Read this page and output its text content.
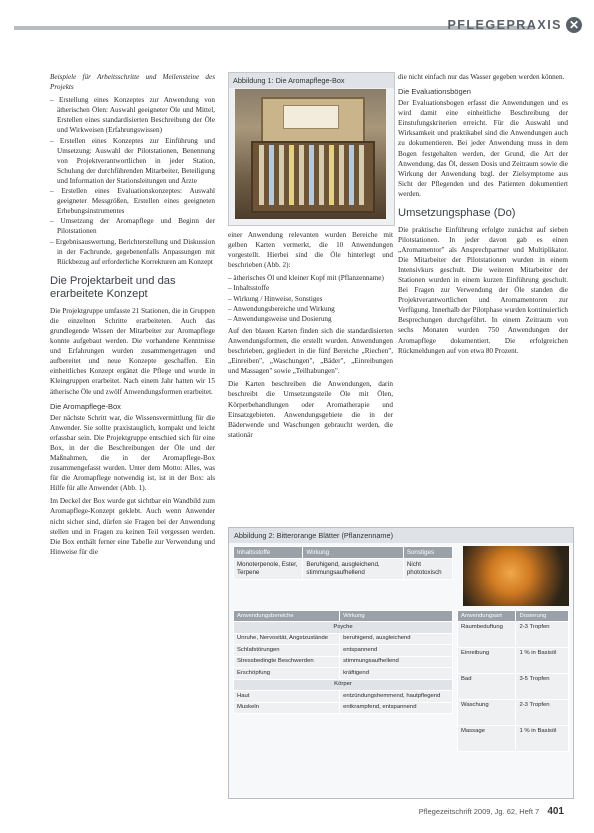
PFLEGEPRAXIS ✕

Beispiele für Arbeitsschritte und Meilensteine des Projekts

– Erstellung eines Konzeptes zur Anwendung von ätherischen Ölen: Auswahl geeigneter Öle und Mittel, Erstellen eines standardisierten Beschreibung der Öle und Wirkweisen (Erfahrungswissen)
– Erstellen eines Konzeptes zur Einführung und Umsetzung: Auswahl der Pilotstationen, Benennung von Projektverantwortlichen in jeder Station, Schulung der durchführenden Mitarbeiter, Beteiligung und Information der Stationsleitungen und Ärzte
– Erstellen eines Evaluationskonzeptes: Auswahl geeigneter Messgrößen, Erstellen eines geeigneten Erhebungsinstrumentes
– Umsetzung der Aromapflege und Beginn der Pilotstationen
– Ergebnisauswertung, Berichterstellung und Diskussion in der Fachrunde, gegebenenfalls Anpassungen mit Rückbezug auf erforderliche Korrekturen am Konzept
Die Projektarbeit und das erarbeitete Konzept

Die Projektgruppe umfasste 21 Stationen, die in Gruppen die einzelnen Schritte erarbeiteten. Auch das grundlegende Wissen der Mitarbeiter zur Aromapflege konnte aufgebaut werden. Die vorhandene Kenntnisse und Erfahrungen wurden zusammengetragen und aufbereitet und neue Konzepte geschaffen. Ein einheitliches Konzept ergänzt die Pflege und wurde in Kleingruppen erarbeitet. Nach einem Jahr hatten wir 15 ätherische Öle und zwölf Anwendungsformen erarbeitet.

Die Aromapflege-Box

Der nächste Schritt war, die Wissensvermittlung für die Anwender. Sie sollte praxistauglich, kompakt und leicht erfassbar sein. Die Projektgruppe entschied sich für eine Box, in der die Beschreibungen der Öle und der Maßnahmen, die in der Aromapflege-Box zusammengefasst wurden. Unter dem Motto: Alles, was für die Aromapflege notwendig ist, ist in der Box: als Hilfe für alle Anwender (Abb. 1).

Im Deckel der Box wurde gut sichtbar ein Wandbild zum Aromapflege-Konzept geklebt. Auch wenn Anwender nicht sicher sind, dürfen sie Fragen bei der Anwendung stellen und in Fragen zu keinen Teil vergessen werden. Die Box enthält ferner eine Tabelle zur Verwendung und Hinweise für die

Abbildung 1: Die Aromapflege-Box

einer Anwendung relevanten wurden Bereiche mit gelben Karten vermerkt, die 10 Anwendungen vorgestellt. Hierbei sind die Öle hinterlegt und beschrieben (Abb. 2):

– ätherisches Öl und kleiner Kopf mit (Pflanzenname)
– Inhaltsstoffe
– Wirkung / Hinweise, Sonstiges
– Anwendungsbereiche und Wirkung
– Anwendungsweise und Dosierung

Auf den blauen Karten finden sich die standardisierten Anwendungsformen, die erstellt wurden. Anwendungen beschrieben, gegliedert in die fünf Bereiche „Riechen", „Einreiben", „Waschungen", „Bäder", „Einreibungen und Massagen" sowie „Teilhabungen".

Die Karten beschreiben die Anwendungen, darin beschreibt die Umsetzungsteile Öle mit Ölen, Körperbehandlungen oder Aromatherapie und Einsatzgebieten. Anwendungsgebiete die in der Bäderwende und Waschungen gebraucht werden, die stationär

die nicht einfach nur das Wasser gegeben werden können.

Die Evaluationsbögen

Der Evaluationsbogen erfasst die Anwendungen und es wird damit eine einheitliche Beschreibung der Einstufungskriterien erreicht. Für die Auswahl und Wirksamkeit und praktikabel sind die Anwendungen auch zu dokumentieren. Bei jeder Anwendung muss in dem Bogen festgehalten werden, der Grund, die Art der Anwendung, das Öl, dessen Dosis und Zeitraum sowie die Wirkung der Anwendung bzgl. der Zielsymptome aus Sicht der Pflegenden und des Patienten dokumentiert werden.

Umsetzungsphase (Do)

Die praktische Einführung erfolgte zunächst auf sieben Pilotstationen. In jeder davon gab es einen „Aromamentor" als Ansprechpartner und Multiplikator. Die Mitarbeiter der Pilotstationen wurden in einem Intensivkurs geschult. Die weiteren Mitarbeiter der Stationen wurden in einem kurzen Einführung geschult. Bei Fragen zur Verwendung der Öle standen die Projektverantwortlichen und Aromamentoren zur Verfügung. Innerhalb der Pilotphase wurden kontinuierlich Besprechungen durchgeführt. In einem Zeitraum von sechs Monaten wurden 750 Anwendungen der Aromapflege dokumentiert. Die erfolgreichen Rückmeldungen auf von etwa 80 Prozent.

Abbildung 2: Bitterorange Blätter (Pflanzenname)
Inhaltsstoffe	Wirkung	Sonstiges
Monoterpenole, Ester, Terpene	Beruhigend, ausgleichend, stimmungsaufhellend	Nicht phototoxisch
Anwendungsbereiche	Wirkung
Psyche	
Unruhe, Nervosität, Angstzustände	beruhigend, ausgleichend
Schlafstörungen	entspannend
Stressbedingte Beschwerden	stimmungsaufhellend
Erschöpfung	kräftigend
Körper	
Haut	entzündungshemmend, hautpflegend
Muskeln	entkrampfend, entspannend
Anwendungsart	Dosierung
Raumbeduftung	2-3 Tropfen
Einreibung	1 % in Basisöl
Bad	3-5 Tropfen
Waschung	2-3 Tropfen
Massage	1 % in Basisöl
Pflegezeitschrift 2009, Jg. 62, Heft 7 401
